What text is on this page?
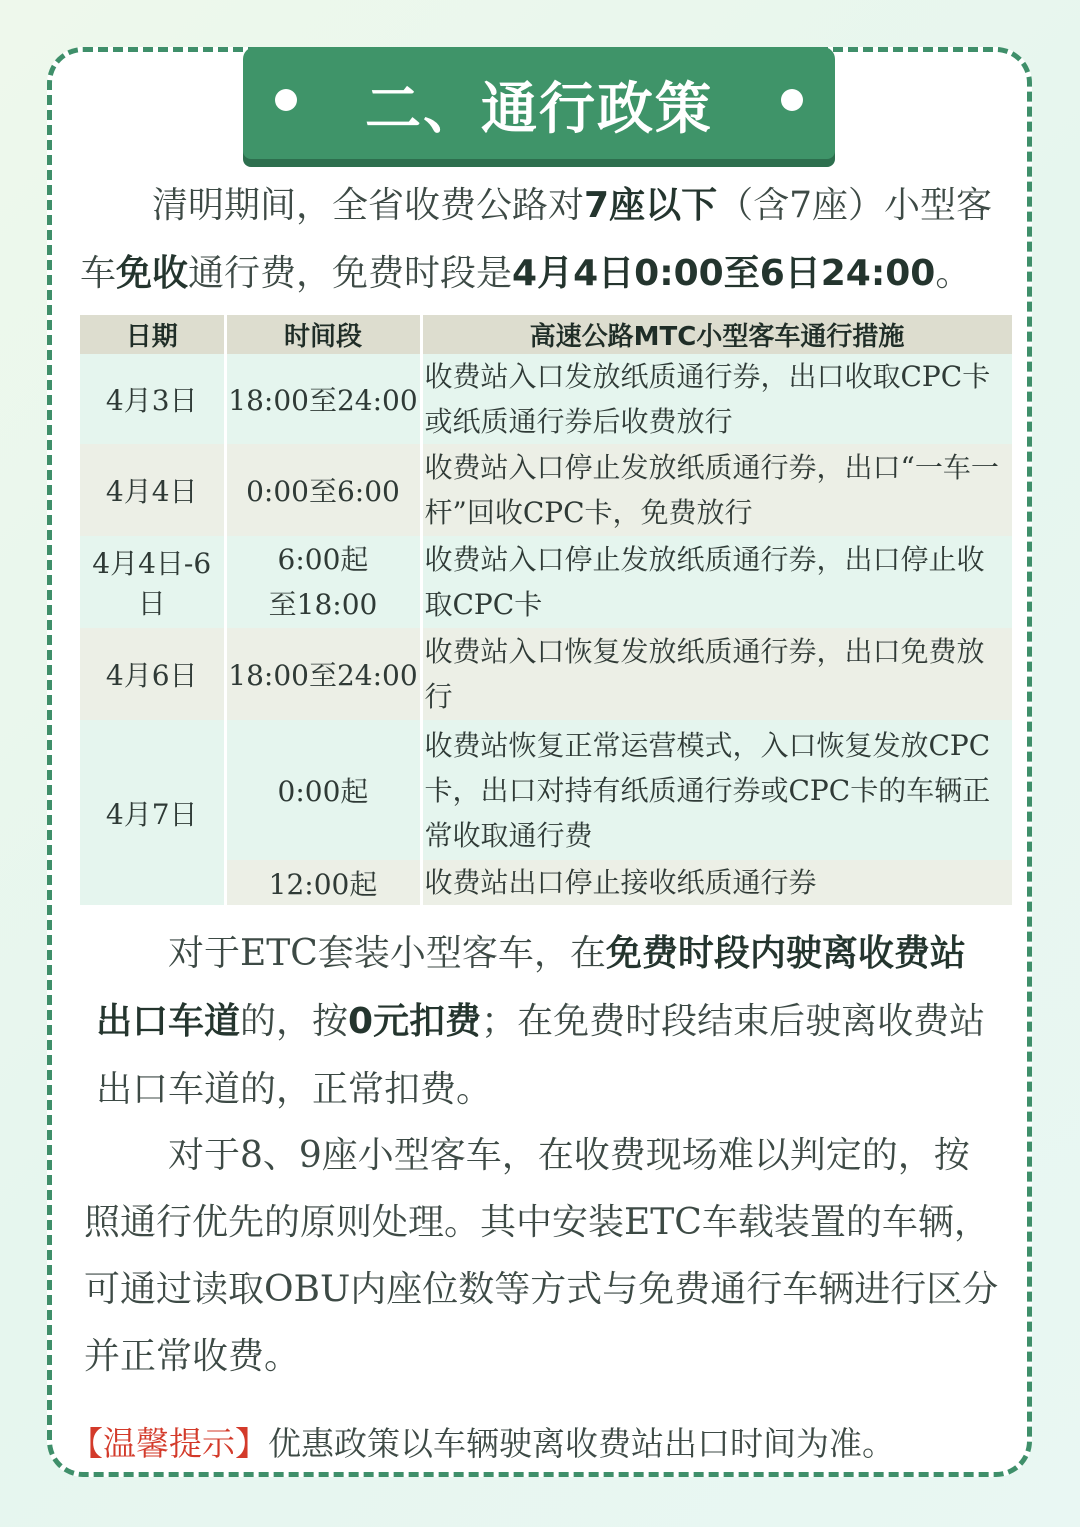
二、通行政策

清明期间，全省收费公路对7座以下（含7座）小型客车免收通行费，免费时段是4月4日0:00至6日24:00。

日期	时间段	高速公路MTC小型客车通行措施
4月3日	18:00至24:00	收费站入口发放纸质通行券，出口收取CPC卡或纸质通行券后收费放行
4月4日	0:00至6:00	收费站入口停止发放纸质通行券，出口“一车一杆”回收CPC卡，免费放行
4月4日-6日	6:00起至18:00	收费站入口停止发放纸质通行券，出口停止收取CPC卡
4月6日	18:00至24:00	收费站入口恢复发放纸质通行券，出口免费放行
4月7日	0:00起	收费站恢复正常运营模式，入口恢复发放CPC卡，出口对持有纸质通行券或CPC卡的车辆正常收取通行费
	12:00起	收费站出口停止接收纸质通行券

对于ETC套装小型客车，在免费时段内驶离收费站出口车道的，按0元扣费；在免费时段结束后驶离收费站出口车道的，正常扣费。

对于8、9座小型客车，在收费现场难以判定的，按照通行优先的原则处理。其中安装ETC车载装置的车辆，可通过读取OBU内座位数等方式与免费通行车辆进行区分并正常收费。

【温馨提示】优惠政策以车辆驶离收费站出口时间为准。
